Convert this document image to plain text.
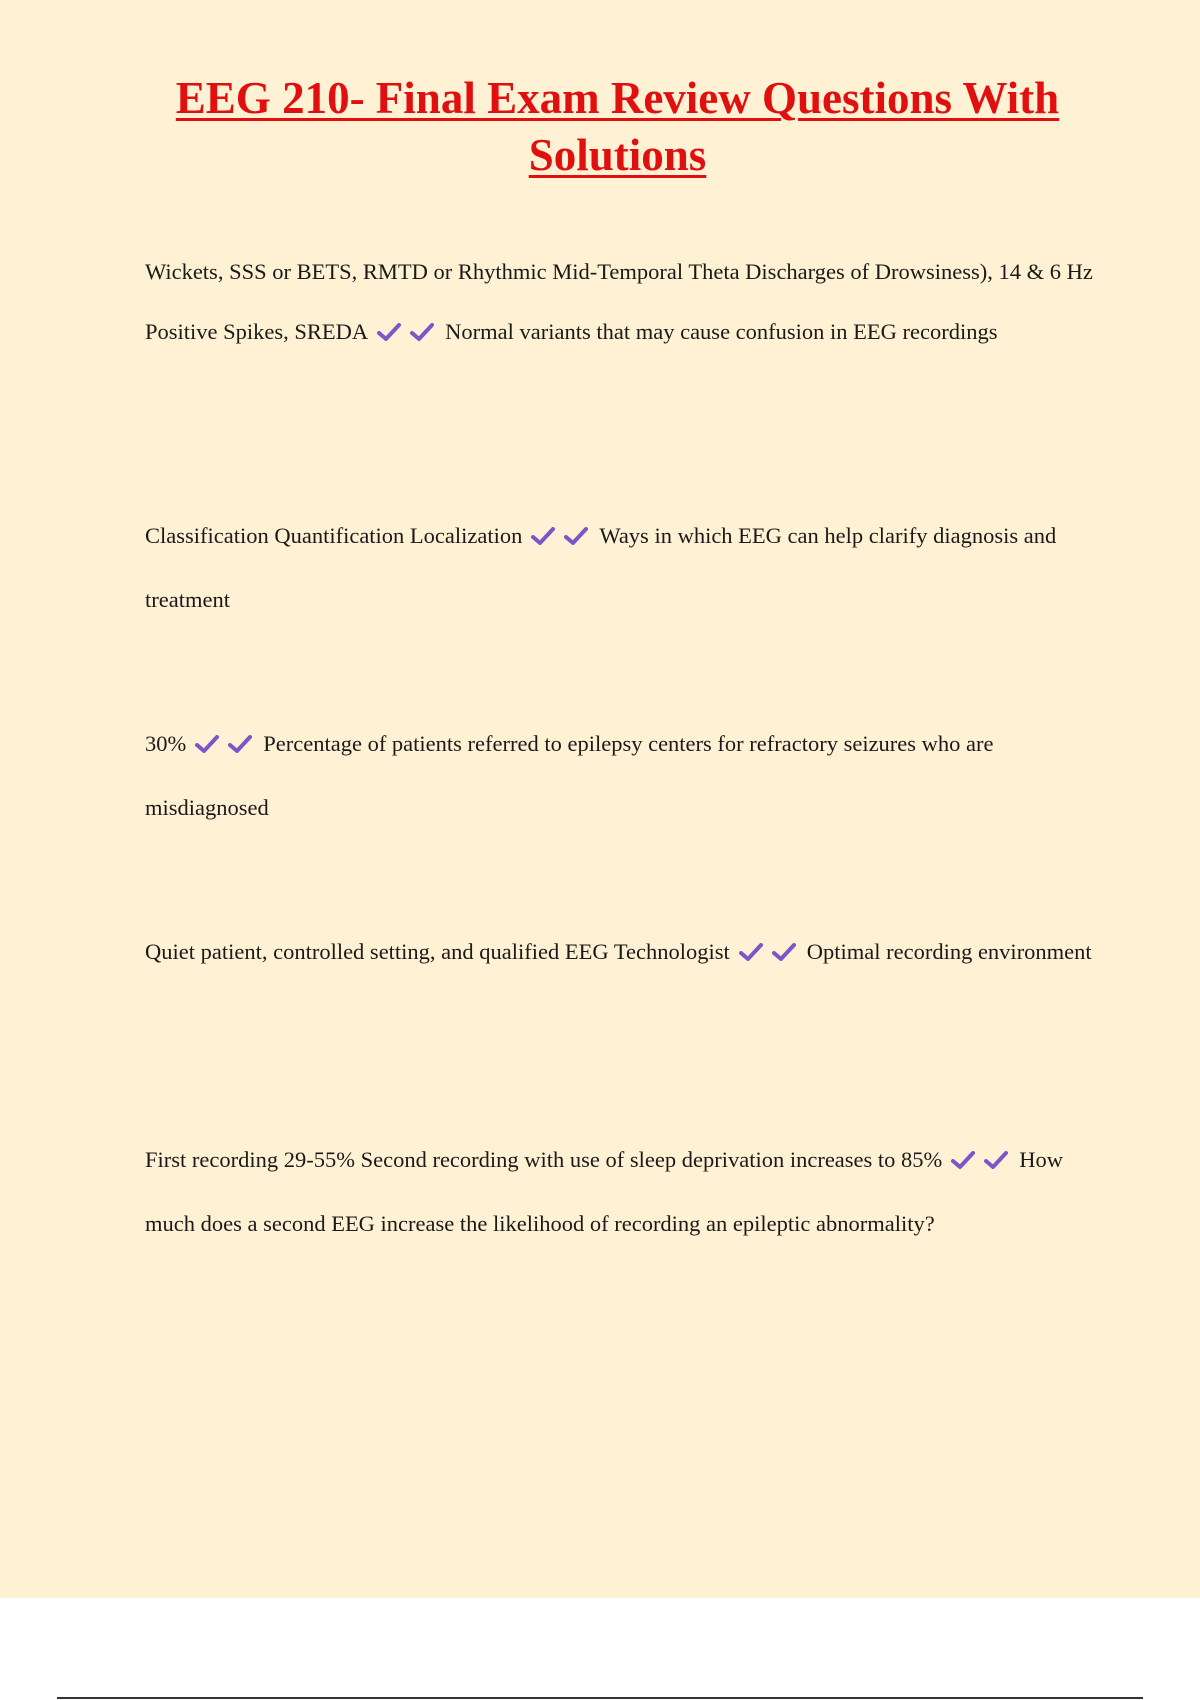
EEG 210- Final Exam Review Questions With Solutions

Wickets, SSS or BETS, RMTD or Rhythmic Mid-Temporal Theta Discharges of Drowsiness), 14 & 6 Hz Positive Spikes, SREDA	Normal variants that may cause confusion in EEG recordings

Classification Quantification Localization	Ways in which EEG can help clarify diagnosis and treatment

30%	Percentage of patients referred to epilepsy centers for refractory seizures who are misdiagnosed

Quiet patient, controlled setting, and qualified EEG Technologist	Optimal recording environment

First recording 29-55% Second recording with use of sleep deprivation increases to 85%	How much does a second EEG increase the likelihood of recording an epileptic abnormality?
